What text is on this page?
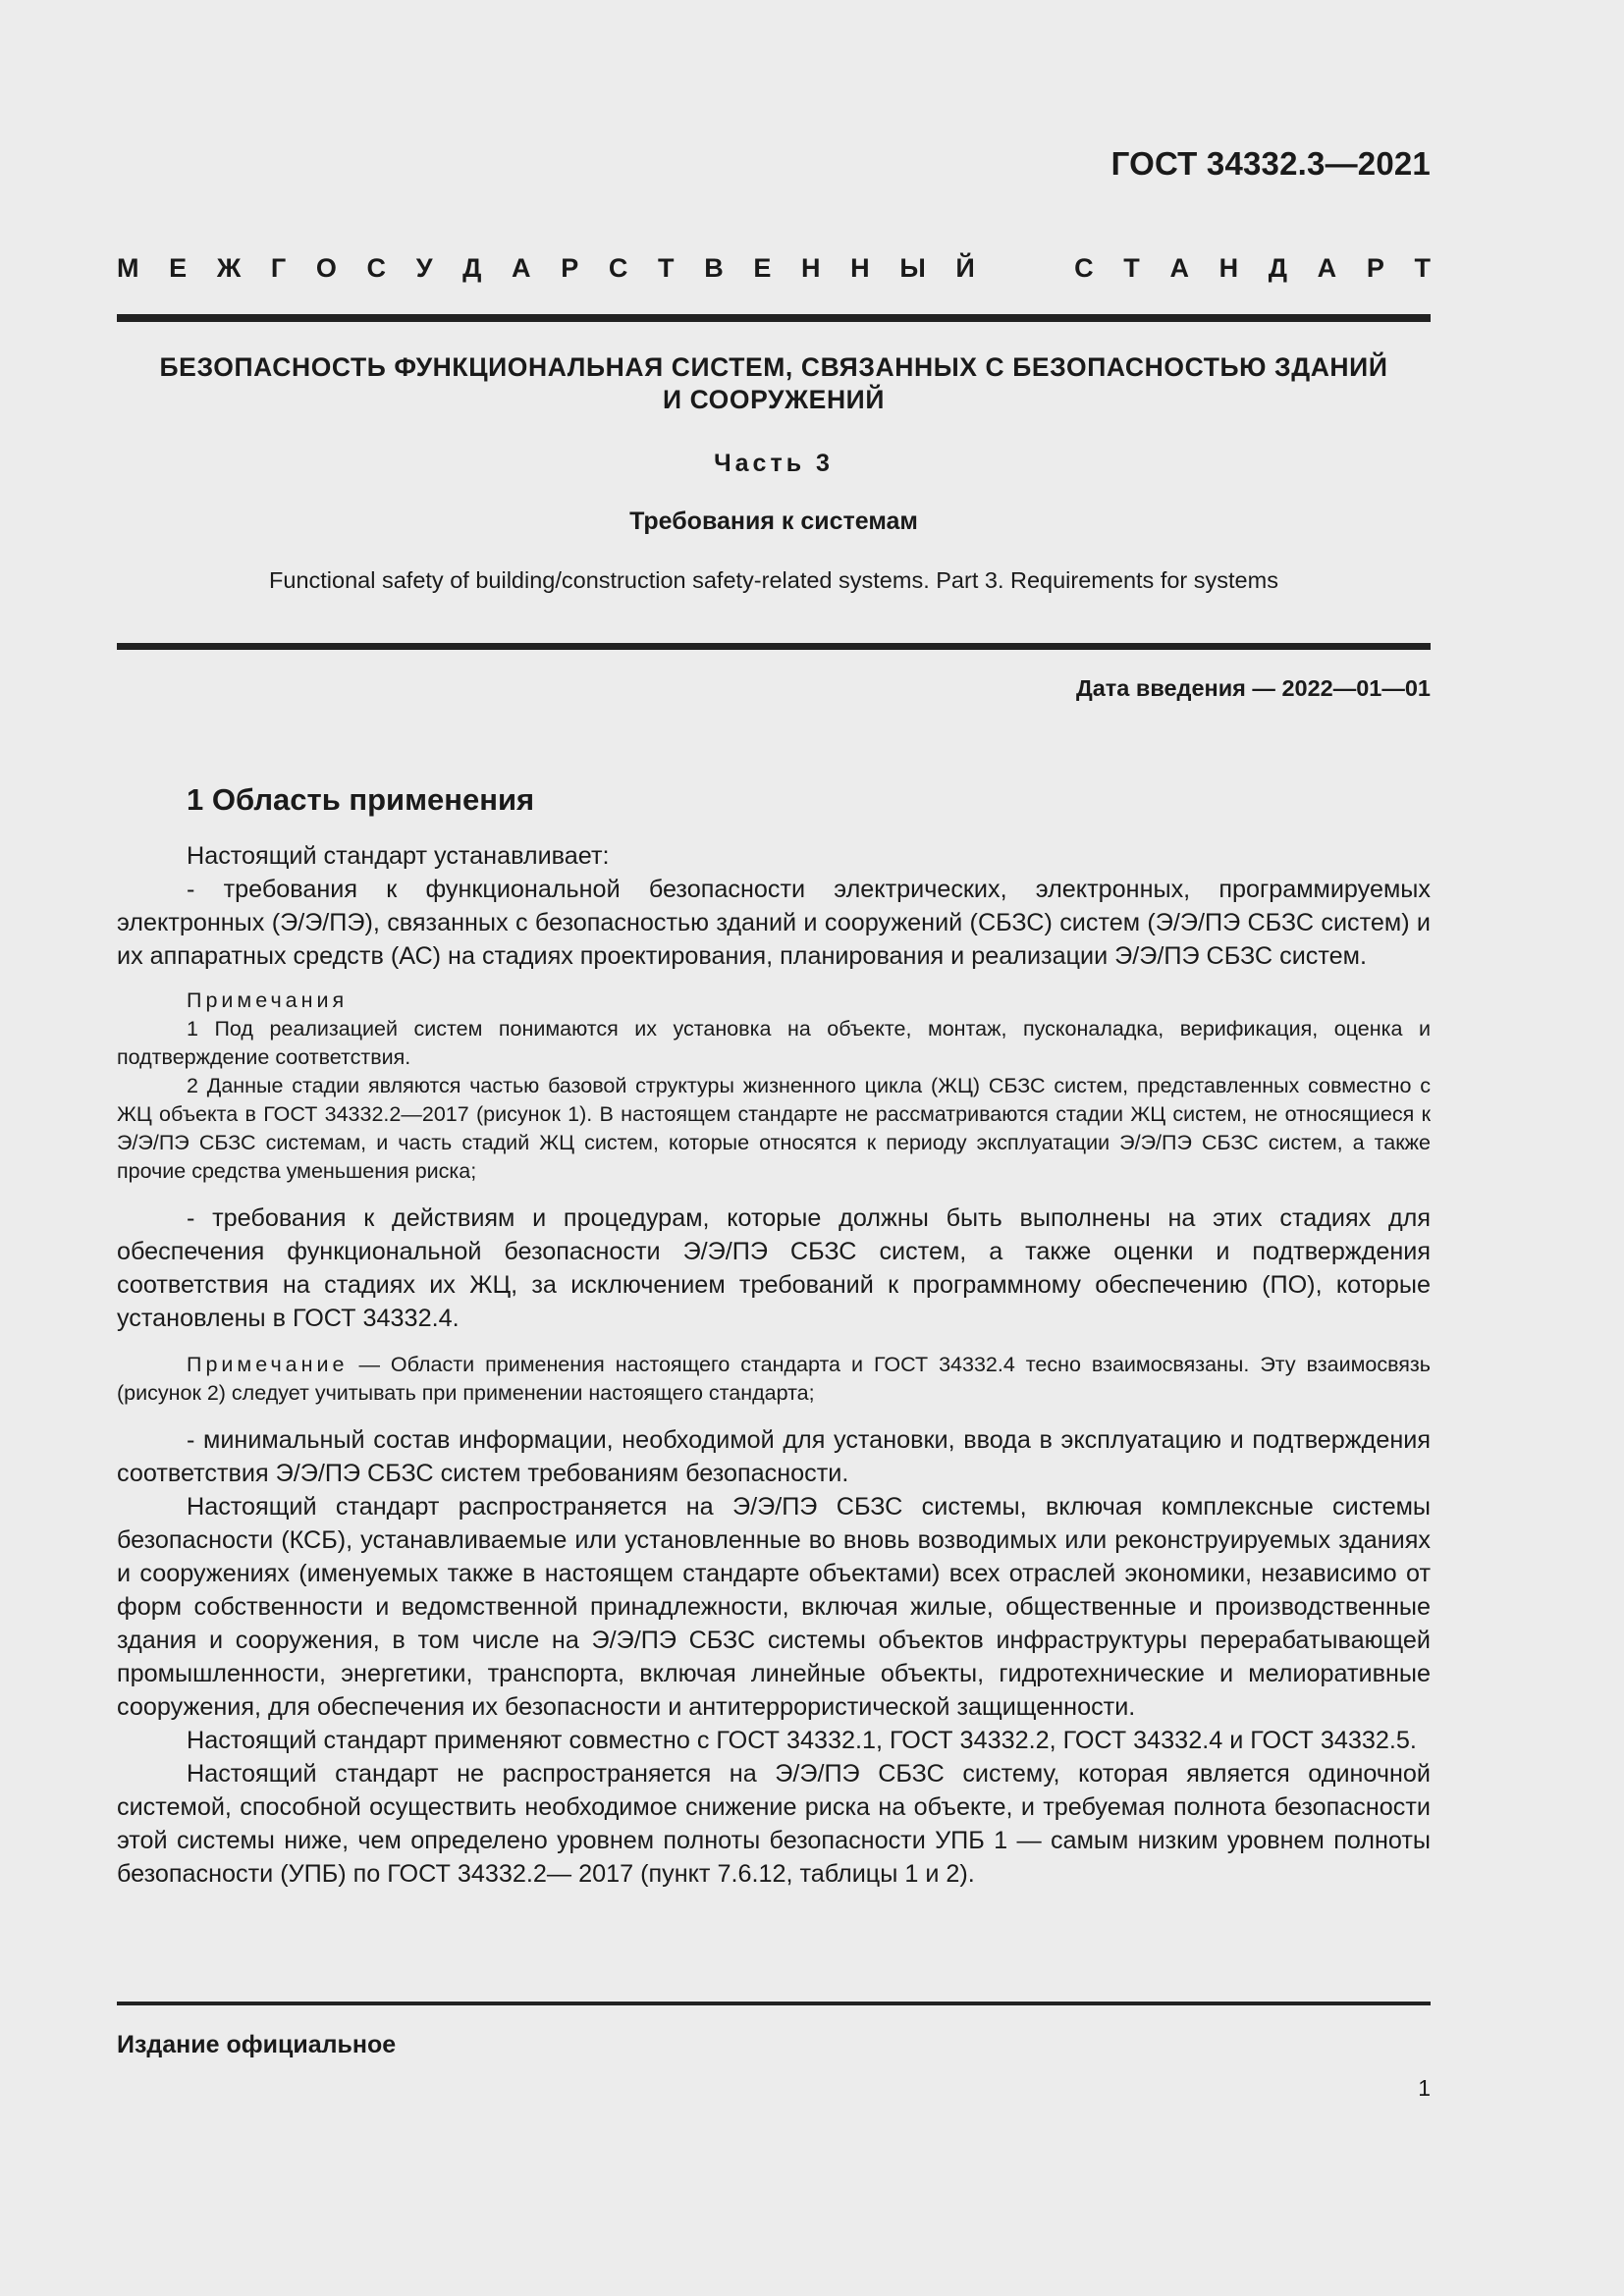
ГОСТ 34332.3—2021
М Е Ж Г О С У Д А Р С Т В Е Н Н Ы Й	С Т А Н Д А Р Т
БЕЗОПАСНОСТЬ ФУНКЦИОНАЛЬНАЯ СИСТЕМ, СВЯЗАННЫХ С БЕЗОПАСНОСТЬЮ ЗДАНИЙ
И СООРУЖЕНИЙ
Часть 3
Требования к системам
Functional safety of building/construction safety-related systems. Part 3. Requirements for systems
Дата введения — 2022—01—01
1 Область применения

Настоящий стандарт устанавливает:

- требования к функциональной безопасности электрических, электронных, программируемых электронных (Э/Э/ПЭ), связанных с безопасностью зданий и сооружений (СБЗС) систем (Э/Э/ПЭ СБЗС систем) и их аппаратных средств (АС) на стадиях проектирования, планирования и реализации Э/Э/ПЭ СБЗС систем.

Примечания

1 Под реализацией систем понимаются их установка на объекте, монтаж, пусконаладка, верификация, оценка и подтверждение соответствия.

2 Данные стадии являются частью базовой структуры жизненного цикла (ЖЦ) СБЗС систем, представленных совместно с ЖЦ объекта в ГОСТ 34332.2—2017 (рисунок 1). В настоящем стандарте не рассматриваются стадии ЖЦ систем, не относящиеся к Э/Э/ПЭ СБЗС системам, и часть стадий ЖЦ систем, которые относятся к периоду эксплуатации Э/Э/ПЭ СБЗС систем, а также прочие средства уменьшения риска;

- требования к действиям и процедурам, которые должны быть выполнены на этих стадиях для обеспечения функциональной безопасности Э/Э/ПЭ СБЗС систем, а также оценки и подтверждения соответствия на стадиях их ЖЦ, за исключением требований к программному обеспечению (ПО), которые установлены в ГОСТ 34332.4.

Примечание — Области применения настоящего стандарта и ГОСТ 34332.4 тесно взаимосвязаны. Эту взаимосвязь (рисунок 2) следует учитывать при применении настоящего стандарта;

- минимальный состав информации, необходимой для установки, ввода в эксплуатацию и подтверждения соответствия Э/Э/ПЭ СБЗС систем требованиям безопасности.

Настоящий стандарт распространяется на Э/Э/ПЭ СБЗС системы, включая комплексные системы безопасности (КСБ), устанавливаемые или установленные во вновь возводимых или реконструируемых зданиях и сооружениях (именуемых также в настоящем стандарте объектами) всех отраслей экономики, независимо от форм собственности и ведомственной принадлежности, включая жилые, общественные и производственные здания и сооружения, в том числе на Э/Э/ПЭ СБЗС системы объектов инфраструктуры перерабатывающей промышленности, энергетики, транспорта, включая линейные объекты, гидротехнические и мелиоративные сооружения, для обеспечения их безопасности и антитеррористической защищенности.

Настоящий стандарт применяют совместно с ГОСТ 34332.1, ГОСТ 34332.2, ГОСТ 34332.4 и ГОСТ 34332.5.

Настоящий стандарт не распространяется на Э/Э/ПЭ СБЗС систему, которая является одиночной системой, способной осуществить необходимое снижение риска на объекте, и требуемая полнота безопасности этой системы ниже, чем определено уровнем полноты безопасности УПБ 1 — самым низким уровнем полноты безопасности (УПБ) по ГОСТ 34332.2— 2017 (пункт 7.6.12, таблицы 1 и 2).

Издание официальное
1
